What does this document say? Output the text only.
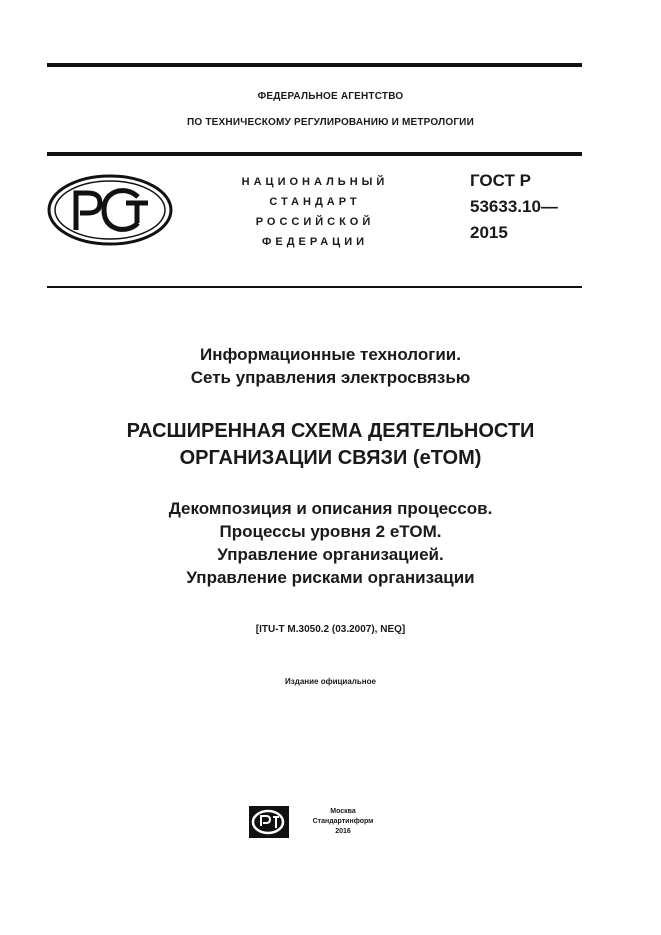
ФЕДЕРАЛЬНОЕ АГЕНТСТВО
ПО ТЕХНИЧЕСКОМУ РЕГУЛИРОВАНИЮ И МЕТРОЛОГИИ
НАЦИОНАЛЬНЫЙ
СТАНДАРТ
РОССИЙСКОЙ
ФЕДЕРАЦИИ
ГОСТ Р
53633.10—
2015
Информационные технологии.
Сеть управления электросвязью
РАСШИРЕННАЯ СХЕМА ДЕЯТЕЛЬНОСТИ
ОРГАНИЗАЦИИ СВЯЗИ (eTOM)
Декомпозиция и описания процессов.
Процессы уровня 2 eTOM.
Управление организацией.
Управление рисками организации
[ITU-T M.3050.2 (03.2007), NEQ]
Издание официальное
Москва
Стандартинформ
2016
